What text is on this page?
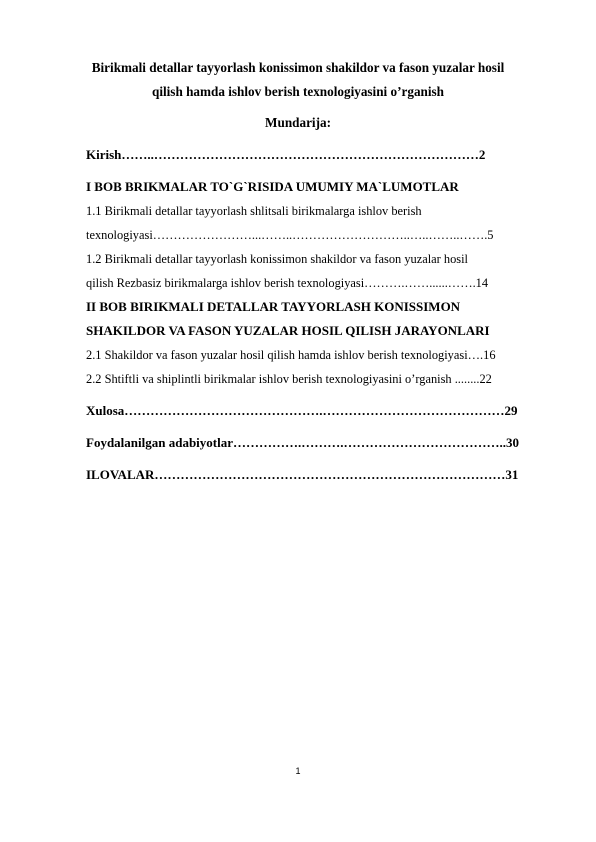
Birikmali detallar tayyorlash konissimon shakildor va fason yuzalar hosil
qilish hamda ishlov berish texnologiyasini o’rganish
Mundarija:
Kirish……..…………………………………………………………………2
I BOB BRIKMALAR TO`G`RISIDA UMUMIY MA`LUMOTLAR
1.1 Birikmali detallar tayyorlash shlitsali birikmalarga ishlov berish
texnologiyasi……………………...……..………………………..…..……..…….5
1.2 Birikmali detallar tayyorlash konissimon shakildor va fason yuzalar hosil
qilish Rezbasiz birikmalarga ishlov berish texnologiyasi……….……......…….14
II BOB BIRIKMALI DETALLAR TAYYORLASH KONISSIMON
SHAKILDOR VA FASON YUZALAR HOSIL QILISH JARAYONLARI
2.1 Shakildor va fason yuzalar hosil qilish hamda ishlov berish texnologiyasi….16
2.2 Shtiftli va shiplintli birikmalar ishlov berish texnologiyasini o’rganish ........22
Xulosa……………………………………….……………………………………29
Foydalanilgan adabiyotlar…………….……….………………………………..30
ILOVALAR………………………………………………………………………31
1
